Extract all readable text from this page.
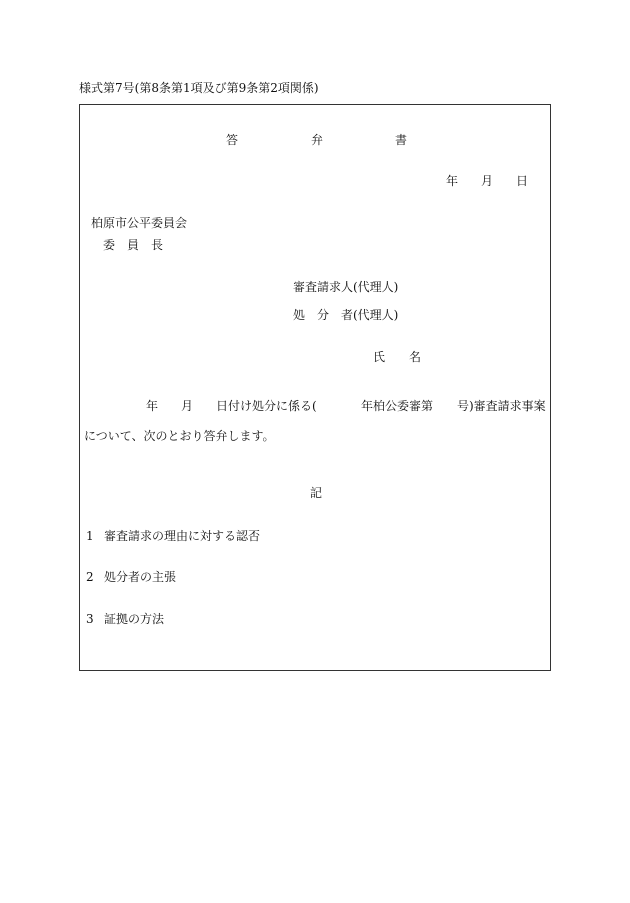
様式第7号(第8条第1項及び第9条第2項関係)
答	弁	書
年 月 日
柏原市公平委員会
委　員　長
審査請求人(代理人)
処　分　者(代理人)
氏　　名
年 月 日付け処分に係る(	年柏公委審第 号)審査請求事案
について、次のとおり答弁します。
記
1 審査請求の理由に対する認否
2 処分者の主張
3 証拠の方法
